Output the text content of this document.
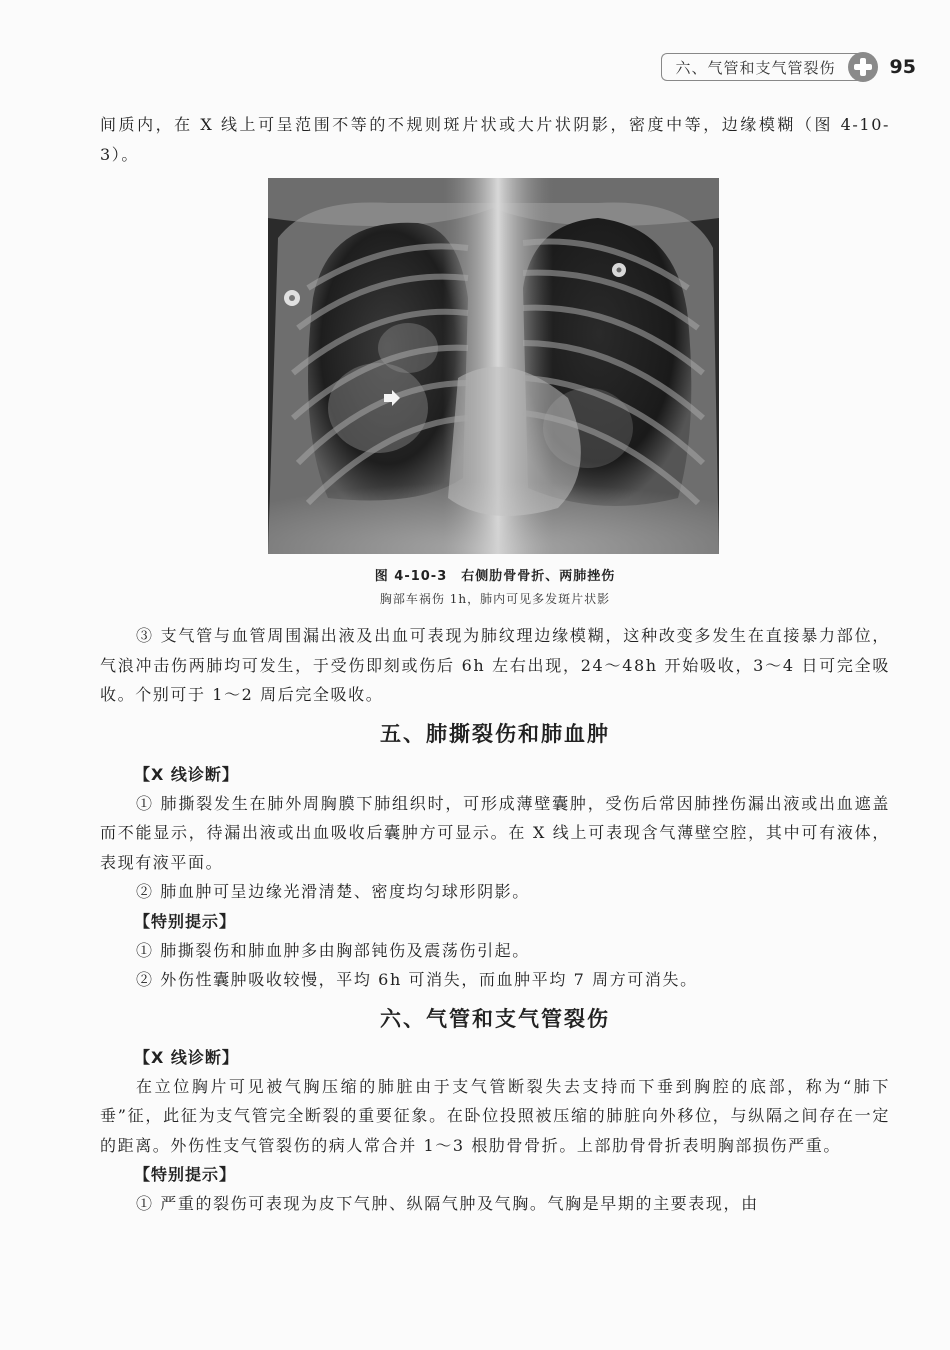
六、气管和支气管裂伤	95

间质内，在 X 线上可呈范围不等的不规则斑片状或大片状阴影，密度中等，边缘模糊（图 4-10-3）。

图 4-10-3　右侧肋骨骨折、两肺挫伤

胸部车祸伤 1h，肺内可见多发斑片状影

③ 支气管与血管周围漏出液及出血可表现为肺纹理边缘模糊，这种改变多发生在直接暴力部位，气浪冲击伤两肺均可发生，于受伤即刻或伤后 6h 左右出现，24～48h 开始吸收，3～4 日可完全吸收。个别可于 1～2 周后完全吸收。

五、肺撕裂伤和肺血肿

【X 线诊断】

① 肺撕裂发生在肺外周胸膜下肺组织时，可形成薄壁囊肿，受伤后常因肺挫伤漏出液或出血遮盖而不能显示，待漏出液或出血吸收后囊肿方可显示。在 X 线上可表现含气薄壁空腔，其中可有液体，表现有液平面。

② 肺血肿可呈边缘光滑清楚、密度均匀球形阴影。

【特别提示】

① 肺撕裂伤和肺血肿多由胸部钝伤及震荡伤引起。

② 外伤性囊肿吸收较慢，平均 6h 可消失，而血肿平均 7 周方可消失。

六、气管和支气管裂伤

【X 线诊断】

在立位胸片可见被气胸压缩的肺脏由于支气管断裂失去支持而下垂到胸腔的底部，称为“肺下垂”征，此征为支气管完全断裂的重要征象。在卧位投照被压缩的肺脏向外移位，与纵隔之间存在一定的距离。外伤性支气管裂伤的病人常合并 1～3 根肋骨骨折。上部肋骨骨折表明胸部损伤严重。

【特别提示】

① 严重的裂伤可表现为皮下气肿、纵隔气肿及气胸。气胸是早期的主要表现，由
